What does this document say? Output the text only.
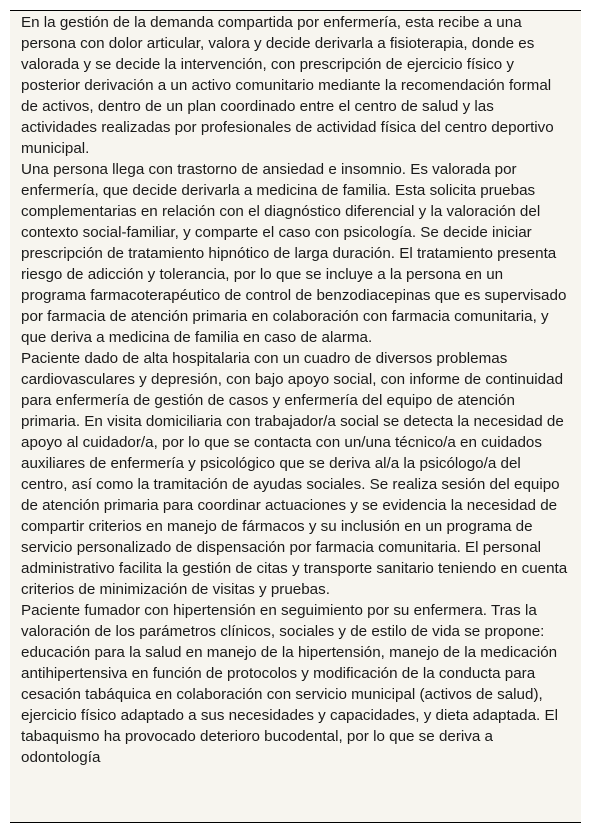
En la gestión de la demanda compartida por enfermería, esta recibe a una persona con dolor articular, valora y decide derivarla a fisioterapia, donde es valorada y se decide la intervención, con prescripción de ejercicio físico y posterior derivación a un activo comunitario mediante la recomendación formal de activos, dentro de un plan coordinado entre el centro de salud y las actividades realizadas por profesionales de actividad física del centro deportivo municipal.

Una persona llega con trastorno de ansiedad e insomnio. Es valorada por enfermería, que decide derivarla a medicina de familia. Esta solicita pruebas complementarias en relación con el diagnóstico diferencial y la valoración del contexto social-familiar, y comparte el caso con psicología. Se decide iniciar prescripción de tratamiento hipnótico de larga duración. El tratamiento presenta riesgo de adicción y tolerancia, por lo que se incluye a la persona en un programa farmacoterapéutico de control de benzodiacepinas que es supervisado por farmacia de atención primaria en colaboración con farmacia comunitaria, y que deriva a medicina de familia en caso de alarma.

Paciente dado de alta hospitalaria con un cuadro de diversos problemas cardiovasculares y depresión, con bajo apoyo social, con informe de continuidad para enfermería de gestión de casos y enfermería del equipo de atención primaria. En visita domiciliaria con trabajador/a social se detecta la necesidad de apoyo al cuidador/a, por lo que se contacta con un/una técnico/a en cuidados auxiliares de enfermería y psicológico que se deriva al/a la psicólogo/a del centro, así como la tramitación de ayudas sociales. Se realiza sesión del equipo de atención primaria para coordinar actuaciones y se evidencia la necesidad de compartir criterios en manejo de fármacos y su inclusión en un programa de servicio personalizado de dispensación por farmacia comunitaria. El personal administrativo facilita la gestión de citas y transporte sanitario teniendo en cuenta criterios de minimización de visitas y pruebas.

Paciente fumador con hipertensión en seguimiento por su enfermera. Tras la valoración de los parámetros clínicos, sociales y de estilo de vida se propone: educación para la salud en manejo de la hipertensión, manejo de la medicación antihipertensiva en función de protocolos y modificación de la conducta para cesación tabáquica en colaboración con servicio municipal (activos de salud), ejercicio físico adaptado a sus necesidades y capacidades, y dieta adaptada. El tabaquismo ha provocado deterioro bucodental, por lo que se deriva a odontología
